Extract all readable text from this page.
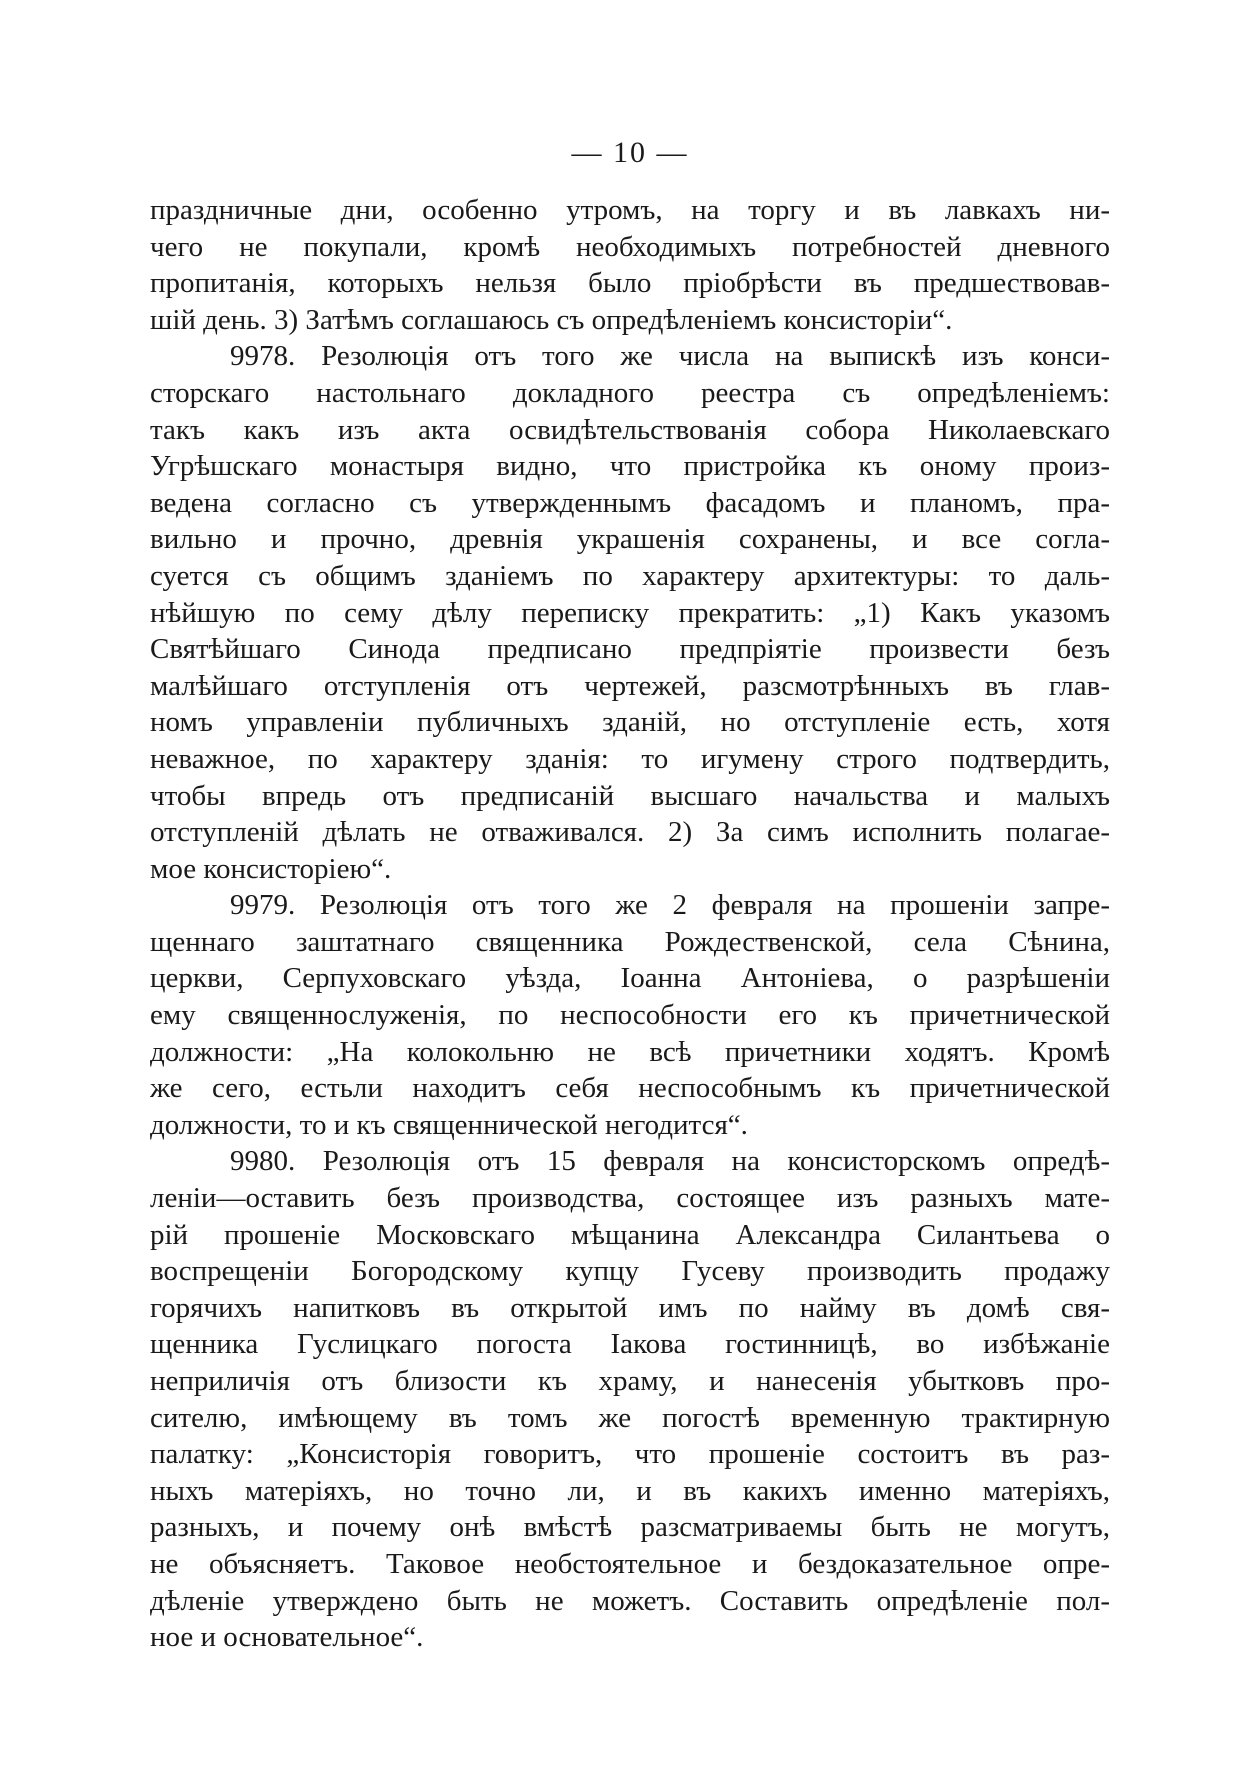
— 10 —
праздничные дни, особенно утромъ, на торгу и въ лавкахъ ни-
чего не покупали, кромѣ необходимыхъ потребностей дневного
пропитанія, которыхъ нельзя было пріобрѣсти въ предшествовав-
шій день. 3) Затѣмъ соглашаюсь съ опредѣленіемъ консисторіи“.
9978. Резолюція отъ того же числа на выпискѣ изъ конси-
сторскаго настольнаго докладного реестра съ опредѣленіемъ:
такъ какъ изъ акта освидѣтельствованія собора Николаевскаго
Угрѣшскаго монастыря видно, что пристройка къ оному произ-
ведена согласно съ утвержденнымъ фасадомъ и планомъ, пра-
вильно и прочно, древнія украшенія сохранены, и все согла-
суется съ общимъ зданіемъ по характеру архитектуры: то даль-
нѣйшую по сему дѣлу переписку прекратить: „1) Какъ указомъ
Святѣйшаго Синода предписано предпріятіе произвести безъ
малѣйшаго отступленія отъ чертежей, разсмотрѣнныхъ въ глав-
номъ управленіи публичныхъ зданій, но отступленіе есть, хотя
неважное, по характеру зданія: то игумену строго подтвердить,
чтобы впредь отъ предписаній высшаго начальства и малыхъ
отступленій дѣлать не отваживался. 2) За симъ исполнить полагае-
мое консисторіею“.
9979. Резолюція отъ того же 2 февраля на прошеніи запре-
щеннаго заштатнаго священника Рождественской, села Сѣнина,
церкви, Серпуховскаго уѣзда, Іоанна Антоніева, о разрѣшеніи
ему священнослуженія, по неспособности его къ причетнической
должности: „На колокольню не всѣ причетники ходятъ. Кромѣ
же сего, естьли находитъ себя неспособнымъ къ причетнической
должности, то и къ священнической негодится“.
9980. Резолюція отъ 15 февраля на консисторскомъ опредѣ-
леніи—оставить безъ производства, состоящее изъ разныхъ мате-
рій прошеніе Московскаго мѣщанина Александра Силантьева о
воспрещеніи Богородскому купцу Гусеву производить продажу
горячихъ напитковъ въ открытой имъ по найму въ домѣ свя-
щенника Гуслицкаго погоста Іакова гостинницѣ, во избѣжаніе
неприличія отъ близости къ храму, и нанесенія убытковъ про-
сителю, имѣющему въ томъ же погостѣ временную трактирную
палатку: „Консисторія говоритъ, что прошеніе состоитъ въ раз-
ныхъ матеріяхъ, но точно ли, и въ какихъ именно матеріяхъ,
разныхъ, и почему онѣ вмѣстѣ разсматриваемы быть не могутъ,
не объясняетъ. Таковое необстоятельное и бездоказательное опре-
дѣленіе утверждено быть не можетъ. Составить опредѣленіе пол-
ное и основательное“.
